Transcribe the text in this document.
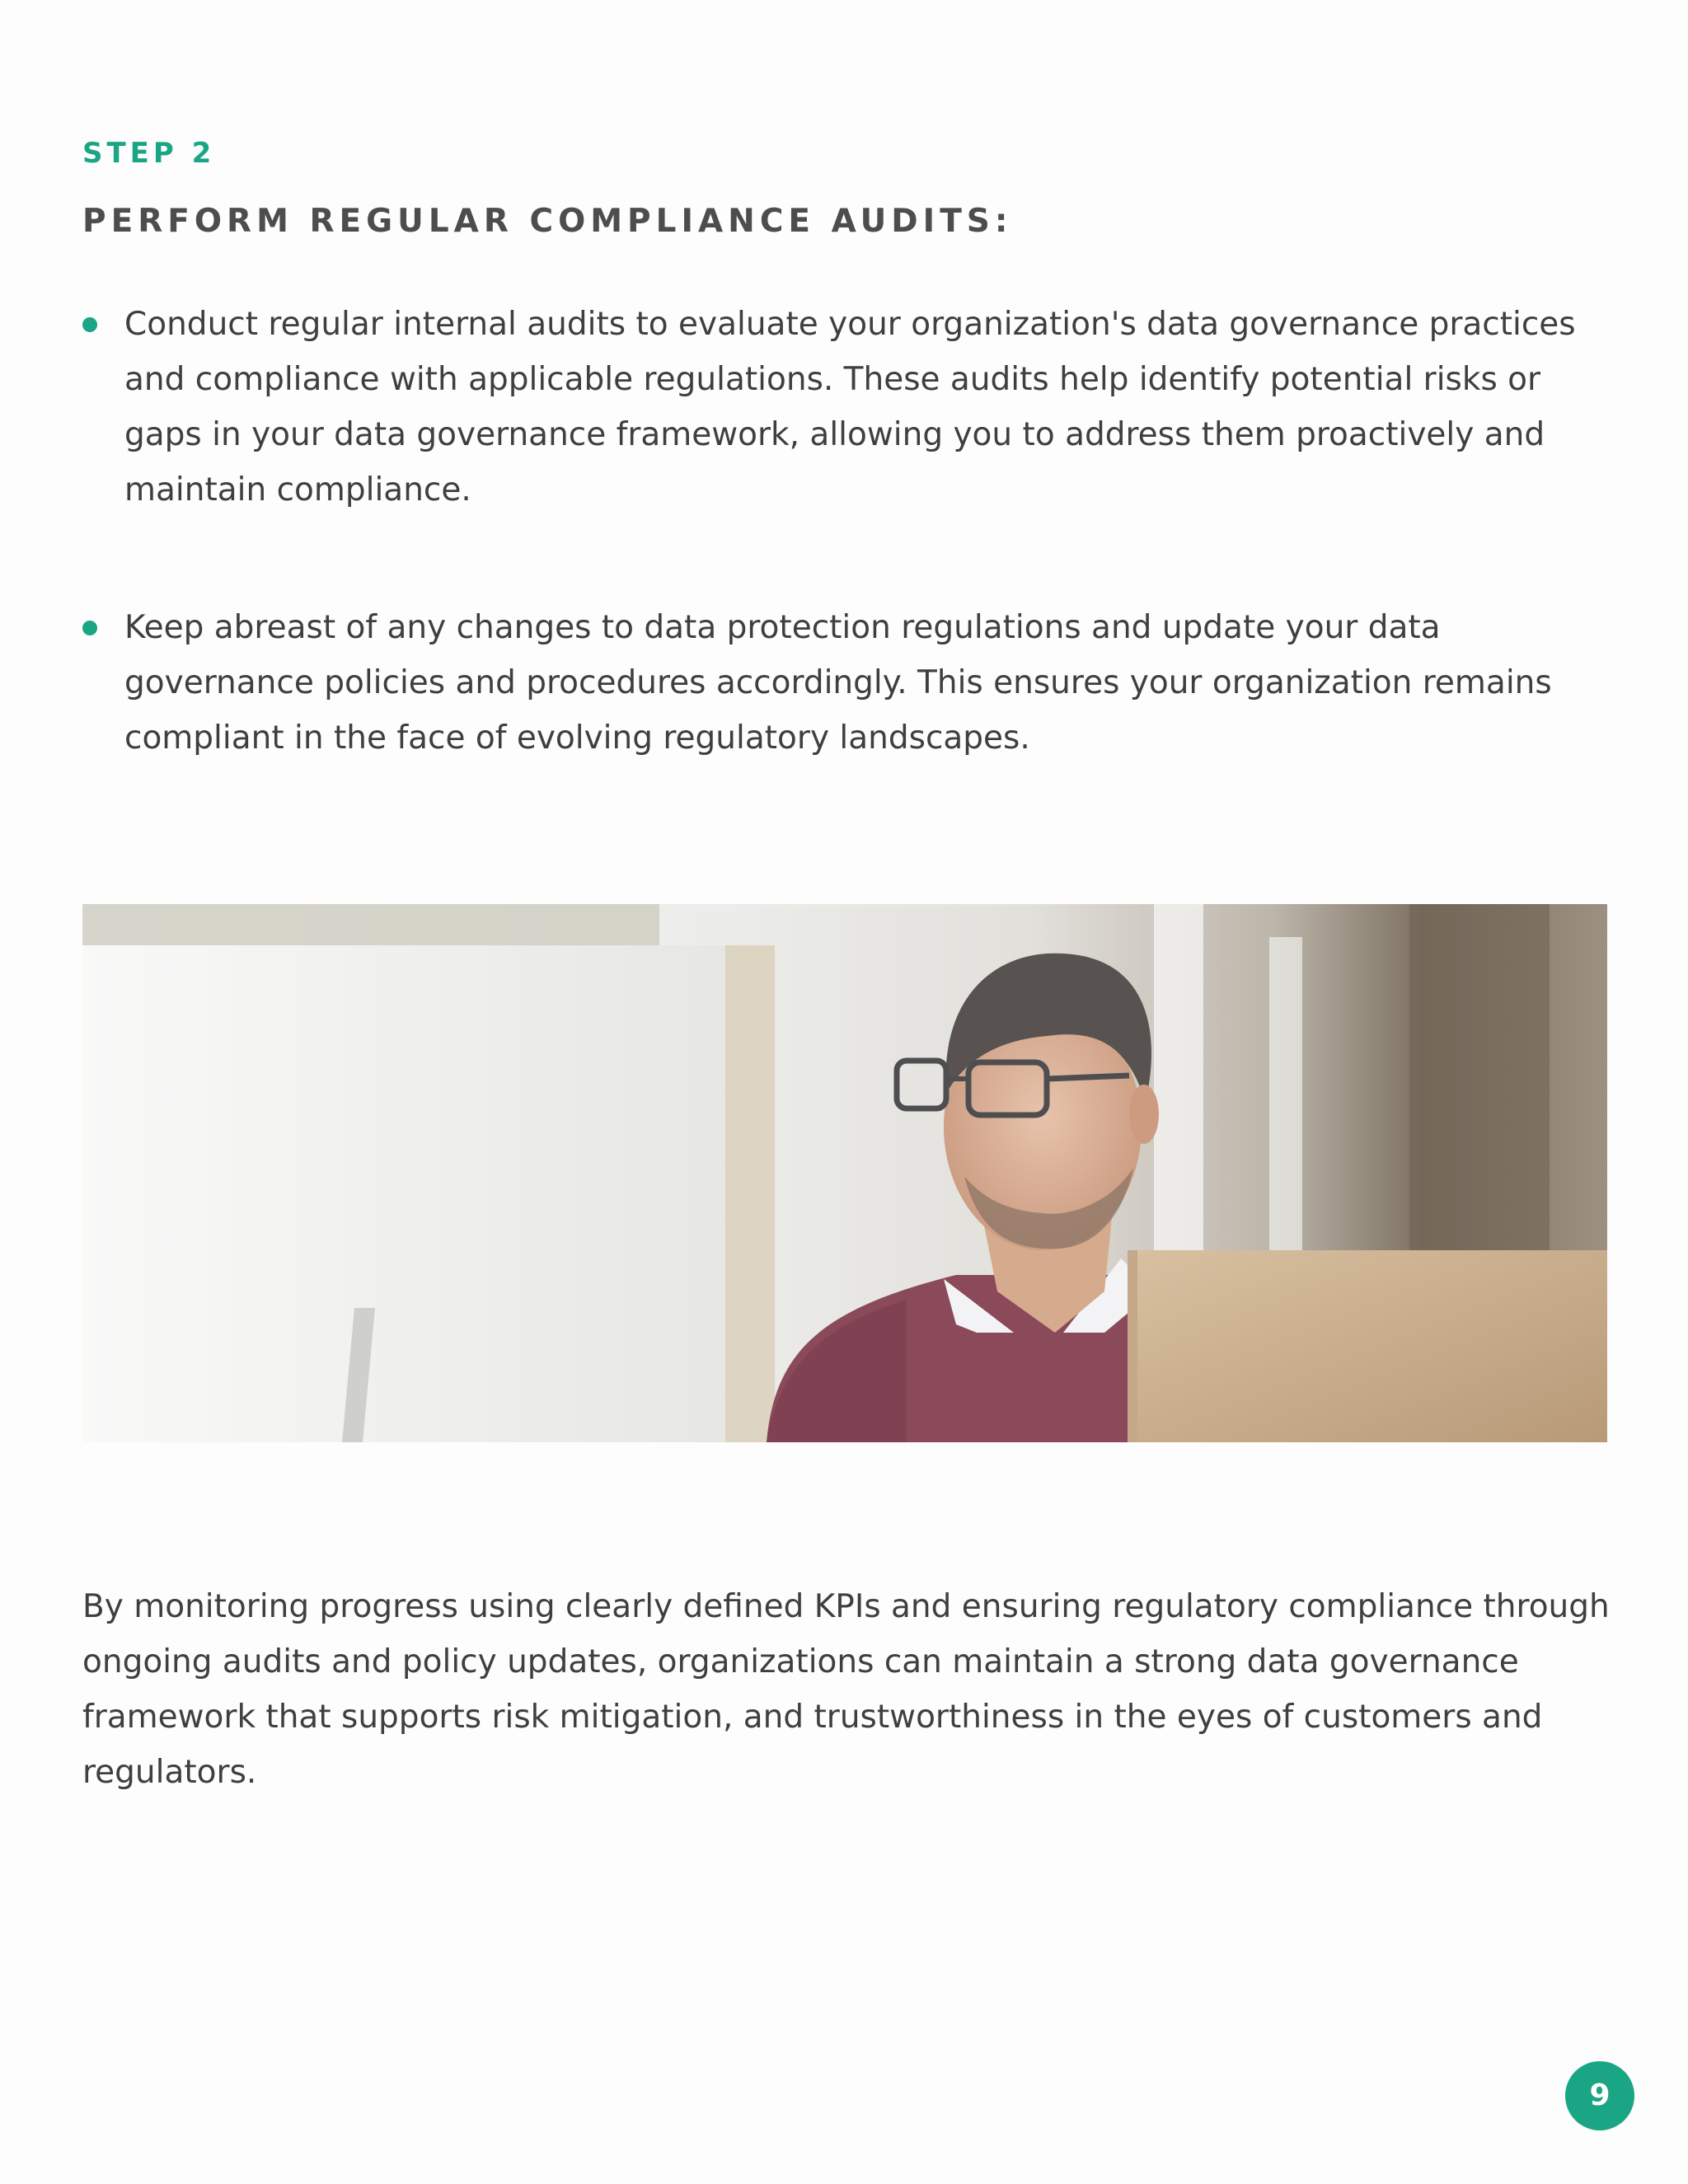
STEP 2

PERFORM REGULAR COMPLIANCE AUDITS:
Conduct regular internal audits to evaluate your organization's data governance practices and compliance with applicable regulations. These audits help identify potential risks or gaps in your data governance framework, allowing you to address them proactively and maintain compliance.
Keep abreast of any changes to data protection regulations and update your data governance policies and procedures accordingly. This ensures your organization remains compliant in the face of evolving regulatory landscapes.

By monitoring progress using clearly defined KPIs and ensuring regulatory compliance through ongoing audits and policy updates, organizations can maintain a strong data governance framework that supports risk mitigation, and trustworthiness in the eyes of customers and regulators.

9
